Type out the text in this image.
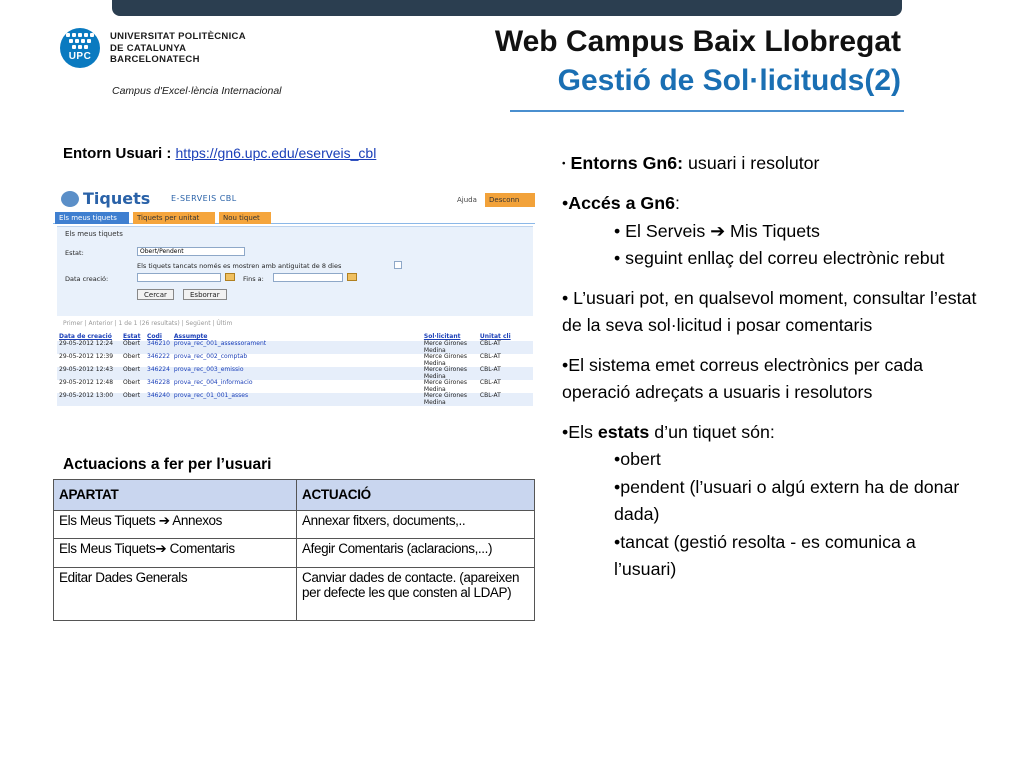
UPC
UNIVERSITAT POLITÈCNICA
DE CATALUNYA
BARCELONATECH
Campus d'Excel·lència Internacional
Web Campus Baix Llobregat
Gestió de Sol·licituds(2)
Entorn Usuari : https://gn6.upc.edu/eserveis_cbl
Tiquets	E-SERVEIS CBL	Ajuda	Desconn
Els meus tiquets	Tiquets per unitat	Nou tiquet
Els meus tiquets
Estat:	Obert/Pendent
Els tiquets tancats només es mostren amb antiguitat de 8 dies
Data creació:	Fins a:
Cercar	Esborrar
Primer | Anterior | 1 de 1 (26 resultats) | Següent | Últim
Data de creació	Estat	Codi	Assumpte		Sol·licitant	Unitat cli
29-05-2012 12:24	Obert	346210	prova_rec_001_assessorament		Merce Girones Medina	CBL-AT
29-05-2012 12:39	Obert	346222	prova_rec_002_comptab		Merce Girones Medina	CBL-AT
29-05-2012 12:43	Obert	346224	prova_rec_003_emissio		Merce Girones Medina	CBL-AT
29-05-2012 12:48	Obert	346228	prova_rec_004_informacio		Merce Girones Medina	CBL-AT
29-05-2012 13:00	Obert	346240	prova_rec_01_001_asses		Merce Girones Medina	CBL-AT
Actuacions a fer per l’usuari
APARTAT	ACTUACIÓ
Els Meus Tiquets ➔ Annexos	Annexar fitxers, documents,..
Els Meus Tiquets➔ Comentaris	Afegir Comentaris (aclaracions,...)
Editar Dades Generals	Canviar dades de contacte. (apareixen per defecte les que consten al LDAP)

• Entorns Gn6: usuari i resolutor

•Accés a Gn6:

• El Serveis ➔ Mis Tiquets

• seguint enllaç del correu electrònic rebut

• L’usuari pot, en qualsevol moment, consultar l’estat de la seva sol·licitud i posar comentaris

•El sistema emet correus electrònics per cada operació adreçats a usuaris i resolutors

•Els estats d’un tiquet són:

•obert

•pendent (l’usuari o algú extern ha de donar dada)

•tancat (gestió resolta - es comunica a l’usuari)
